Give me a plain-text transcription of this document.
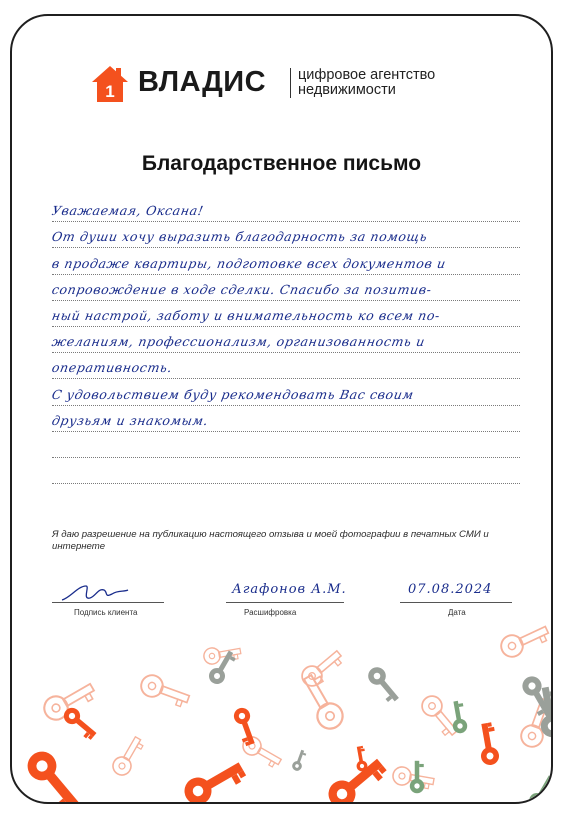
1 ВЛАДИС цифровое агентство
недвижимости
Благодарственное письмо
Уважаемая, Оксана!
От души хочу выразить благодарность за помощь
в продаже квартиры, подготовке всех документов и
сопровождение в ходе сделки. Спасибо за позитив-
ный настрой, заботу и внимательность ко всем по-
желаниям, профессионализм, организованность и
оперативность.
С удовольствием буду рекомендовать Вас своим
друзьям и знакомым.
Я даю разрешение на публикацию настоящего отзыва и моей фотографии в печатных СМИ и интернете
Подпись клиента
Агафонов А.М.
Расшифровка
07.08.2024
Дата
